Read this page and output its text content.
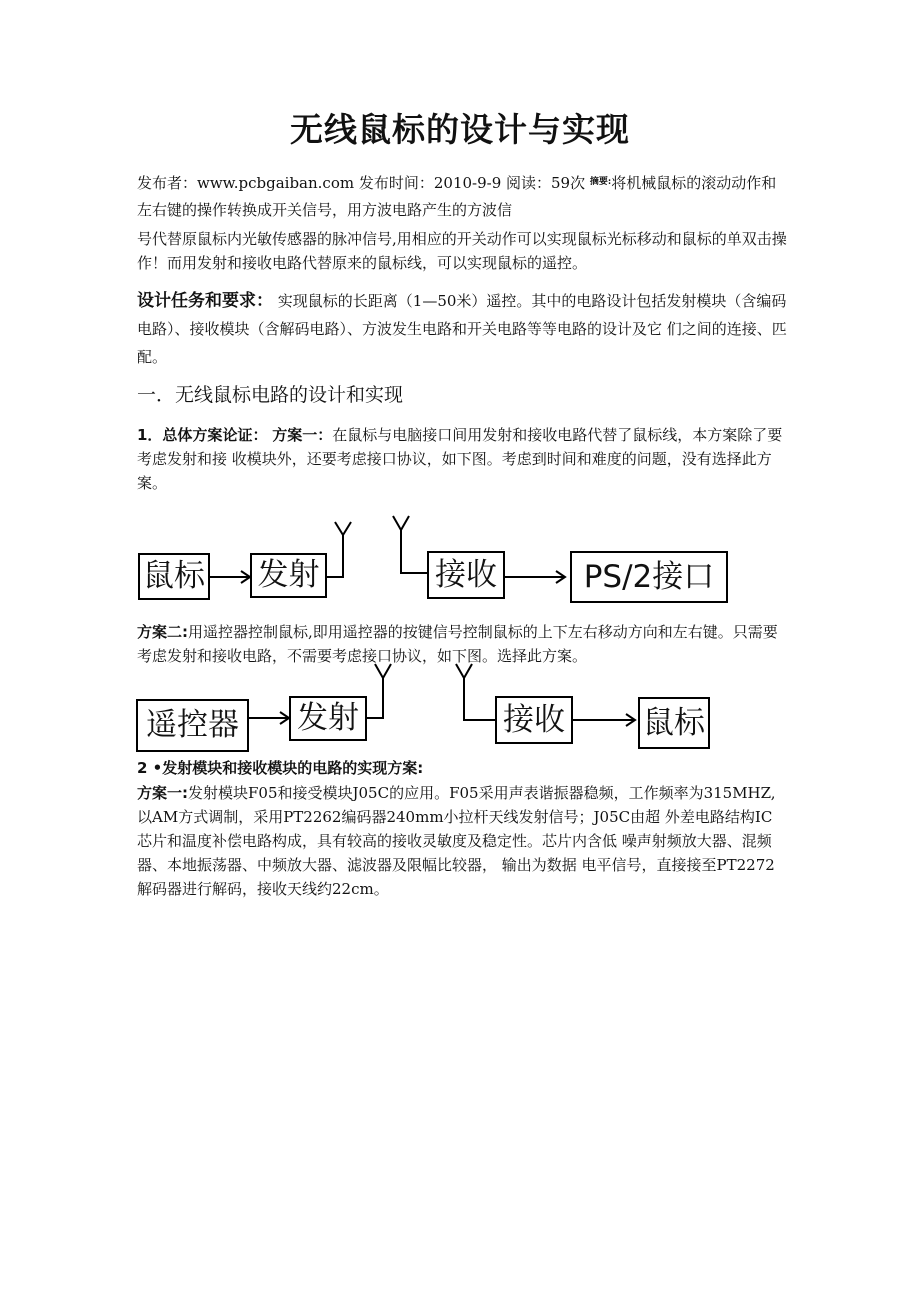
无线鼠标的设计与实现
发布者：www.pcbgaiban.com 发布时间：2010-9-9 阅读：59次 $^{摘要:}$将机械鼠标的滚动动作和左右键的操作转换成开关信号，用方波电路产生的方波信
号代替原鼠标内光敏传感器的脉冲信号,用相应的开关动作可以实现鼠标光标移动和鼠标的单双击操作！而用发射和接收电路代替原来的鼠标线，可以实现鼠标的遥控。
设计任务和要求： 实现鼠标的长距离（1—50米）遥控。其中的电路设计包括发射模块（含编码电路）、接收模块（含解码电路）、方波发生电路和开关电路等等电路的设计及它 们之间的连接、匹配。
一．无线鼠标电路的设计和实现
1．总体方案论证： 方案一：在鼠标与电脑接口间用发射和接收电路代替了鼠标线，本方案除了要考虑发射和接 收模块外，还要考虑接口协议，如下图。考虑到时间和难度的问题，没有选择此方案。
鼠标 发射	接收	PS/2接口
方案二:用遥控器控制鼠标,即用遥控器的按键信号控制鼠标的上下左右移动方向和左右键。只需要考虑发射和接收电路，不需要考虑接口协议，如下图。选择此方案。
遥控器	发射	接收	鼠标
2 •发射模块和接收模块的电路的实现方案:
方案一:发射模块F05和接受模块J05C的应用。F05采用声表谐振器稳频，工作频率为315MHZ, 以AM方式调制，采用PT2262编码器240mm小拉杆天线发射信号；J05C由超 外差电路结构IC芯片和温度补偿电路构成，具有较高的接收灵敏度及稳定性。芯片内含低 噪声射频放大器、混频器、本地振荡器、中频放大器、滤波器及限幅比较器， 输出为数据 电平信号，直接接至PT2272解码器进行解码，接收天线约22cm。
